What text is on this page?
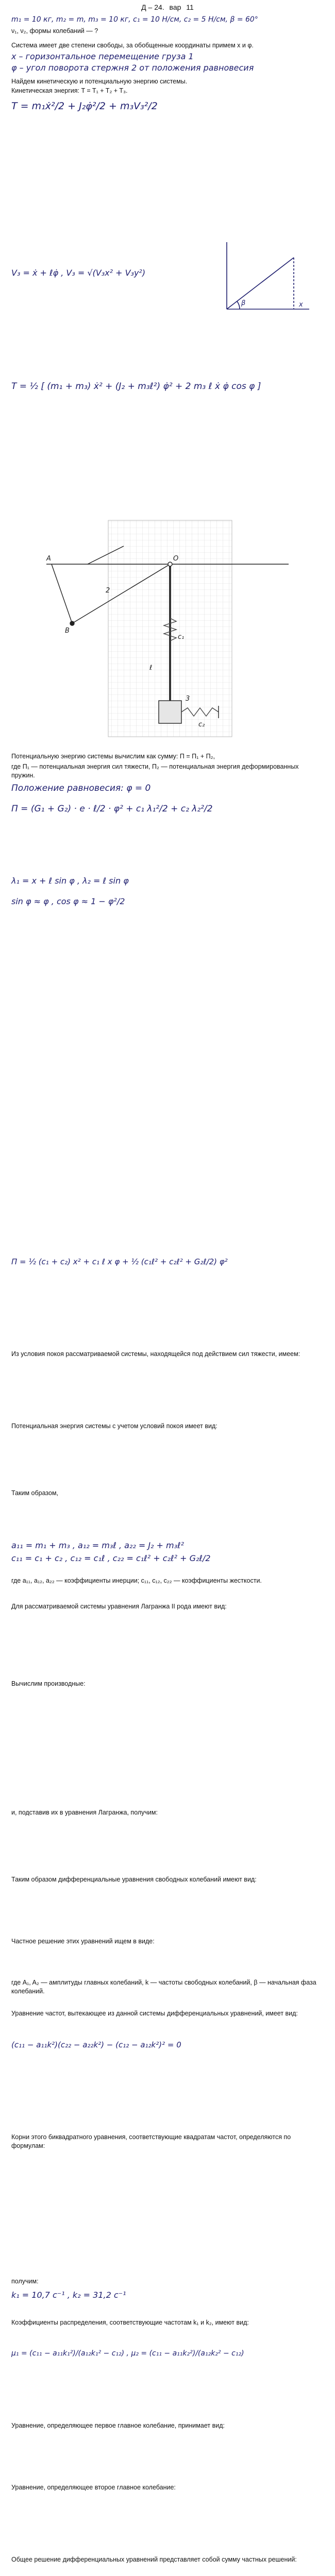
Д – 24. вар 11
m₁ = 10 кг, m₂ = m, m₃ = 10 кг, c₁ = 10 Н/см, c₂ = 5 Н/см, β = 60°
ν₁, ν₂, формы колебаний — ?
Система имеет две степени свободы, за обобщенные координаты примем x и φ.
x – горизонтальное перемещение груза 1
φ – угол поворота стержня 2 от положения равновесия
Найдем кинетическую и потенциальную энергию системы.
Кинетическая энергия: T = T₁ + T₂ + T₃.
T = m₁ẋ²/2 + J₂φ̇²/2 + m₃V₃²/2
x
β
V₃ = ẋ + ℓφ̇ , V₃ = √(V₃x² + V₃y²)
T = ½ [ (m₁ + m₃) ẋ² + (J₂ + m₃ℓ²) φ̇² + 2 m₃ ℓ ẋ φ̇ cos φ ]
A
B
O
3
c₁
c₂
2
ℓ
Потенциальную энергию системы вычислим как сумму: Π = Π₁ + Π₂,
где Π₁ — потенциальная энергия сил тяжести, Π₂ — потенциальная энергия деформированных пружин.
Положение равновесия: φ = 0
Π = (G₁ + G₂) · e · ℓ/2 · φ² + c₁ λ₁²/2 + c₂ λ₂²/2
λ₁ = x + ℓ sin φ , λ₂ = ℓ sin φ
sin φ ≈ φ , cos φ ≈ 1 − φ²/2
Π = ½ (c₁ + c₂) x² + c₁ ℓ x φ + ½ (c₁ℓ² + c₂ℓ² + G₂ℓ/2) φ²
Из условия покоя рассматриваемой системы, находящейся под действием сил тяжести, имеем:
Потенциальная энергия системы с учетом условий покоя имеет вид:
Таким образом,
a₁₁ = m₁ + m₃ , a₁₂ = m₃ℓ , a₂₂ = J₂ + m₃ℓ²
с₁₁ = c₁ + c₂ , с₁₂ = c₁ℓ , с₂₂ = c₁ℓ² + c₂ℓ² + G₂ℓ/2
где a₁₁, a₁₂, a₂₂ — коэффициенты инерции; c₁₁, c₁₂, c₂₂ — коэффициенты жесткости.
Для рассматриваемой системы уравнения Лагранжа II рода имеют вид:
Вычислим производные:
и, подставив их в уравнения Лагранжа, получим:
Таким образом дифференциальные уравнения свободных колебаний имеют вид:
Частное решение этих уравнений ищем в виде:
где A₁, A₂ — амплитуды главных колебаний, k — частоты свободных колебаний, β — начальная фаза колебаний.
Уравнение частот, вытекающее из данной системы дифференциальных уравнений, имеет вид:
(с₁₁ − a₁₁k²)(с₂₂ − a₂₂k²) − (с₁₂ − a₁₂k²)² = 0
Корни этого биквадратного уравнения, соответствующие квадратам частот, определяются по формулам:
получим:
k₁ = 10,7 с⁻¹ , k₂ = 31,2 с⁻¹
Коэффициенты распределения, соответствующие частотам k₁ и k₂, имеют вид:
μ₁ = (с₁₁ − a₁₁k₁²)/(a₁₂k₁² − с₁₂) , μ₂ = (с₁₁ − a₁₁k₂²)/(a₁₂k₂² − с₁₂)
Уравнение, определяющее первое главное колебание, принимает вид:
Уравнение, определяющее второе главное колебание:
Общее решение дифференциальных уравнений представляет собой сумму частных решений:
